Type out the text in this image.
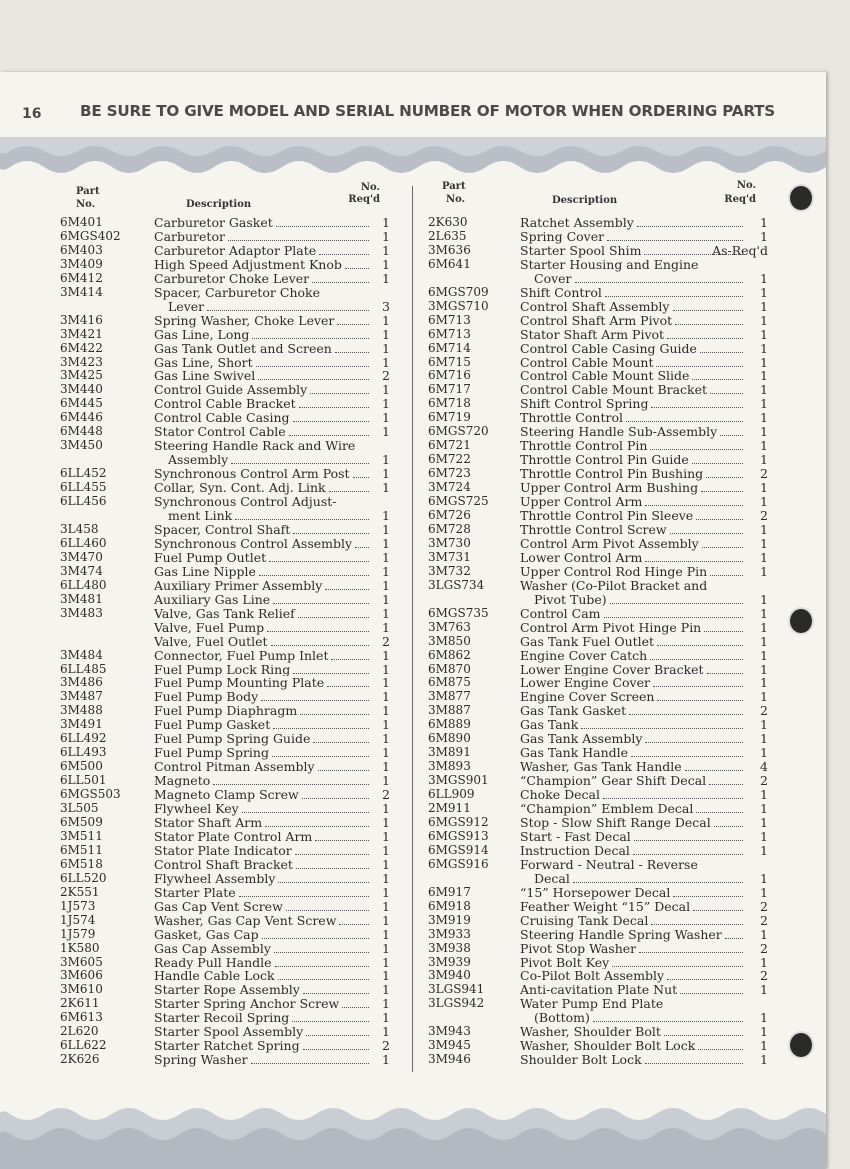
16	BE SURE TO GIVE MODEL AND SERIAL NUMBER OF MOTOR WHEN ORDERING PARTS
Part
No.	Description
No.
Req'd
6M401	Carburetor Gasket	1
6MGS402	Carburetor	1
6M403	Carburetor Adaptor Plate	1
3M409	High Speed Adjustment Knob	1
6M412	Carburetor Choke Lever	1
3M414	Spacer, Carburetor Choke
Lever	3
3M416	Spring Washer, Choke Lever	1
3M421	Gas Line, Long	1
6M422	Gas Tank Outlet and Screen	1
3M423	Gas Line, Short	1
3M425	Gas Line Swivel	2
3M440	Control Guide Assembly	1
6M445	Control Cable Bracket	1
6M446	Control Cable Casing	1
6M448	Stator Control Cable	1
3M450	Steering Handle Rack and Wire
Assembly	1
6LL452	Synchronous Control Arm Post	1
6LL455	Collar, Syn. Cont. Adj. Link	1
6LL456	Synchronous Control Adjust-
ment Link	1
3L458	Spacer, Control Shaft	1
6LL460	Synchronous Control Assembly	1
3M470	Fuel Pump Outlet	1
3M474	Gas Line Nipple	1
6LL480	Auxiliary Primer Assembly	1
3M481	Auxiliary Gas Line	1
3M483	Valve, Gas Tank Relief	1
Valve, Fuel Pump	1
Valve, Fuel Outlet	2
3M484	Connector, Fuel Pump Inlet	1
6LL485	Fuel Pump Lock Ring	1
3M486	Fuel Pump Mounting Plate	1
3M487	Fuel Pump Body	1
3M488	Fuel Pump Diaphragm	1
3M491	Fuel Pump Gasket	1
6LL492	Fuel Pump Spring Guide	1
6LL493	Fuel Pump Spring	1
6M500	Control Pitman Assembly	1
6LL501	Magneto	1
6MGS503	Magneto Clamp Screw	2
3L505	Flywheel Key	1
6M509	Stator Shaft Arm	1
3M511	Stator Plate Control Arm	1
6M511	Stator Plate Indicator	1
6M518	Control Shaft Bracket	1
6LL520	Flywheel Assembly	1
2K551	Starter Plate	1
1J573	Gas Cap Vent Screw	1
1J574	Washer, Gas Cap Vent Screw	1
1J579	Gasket, Gas Cap	1
1K580	Gas Cap Assembly	1
3M605	Ready Pull Handle	1
3M606	Handle Cable Lock	1
3M610	Starter Rope Assembly	1
2K611	Starter Spring Anchor Screw	1
6M613	Starter Recoil Spring	1
2L620	Starter Spool Assembly	1
6LL622	Starter Ratchet Spring	2
2K626	Spring Washer	1
Part
No.	Description
No.
Req'd
2K630	Ratchet Assembly	1
2L635	Spring Cover	1
3M636	Starter Spool Shim	As-Req'd
6M641	Starter Housing and Engine
Cover	1
6MGS709	Shift Control	1
3MGS710	Control Shaft Assembly	1
6M713	Control Shaft Arm Pivot	1
6M713	Stator Shaft Arm Pivot	1
6M714	Control Cable Casing Guide	1
6M715	Control Cable Mount	1
6M716	Control Cable Mount Slide	1
6M717	Control Cable Mount Bracket	1
6M718	Shift Control Spring	1
6M719	Throttle Control	1
6MGS720	Steering Handle Sub-Assembly	1
6M721	Throttle Control Pin	1
6M722	Throttle Control Pin Guide	1
6M723	Throttle Control Pin Bushing	2
3M724	Upper Control Arm Bushing	1
6MGS725	Upper Control Arm	1
6M726	Throttle Control Pin Sleeve	2
6M728	Throttle Control Screw	1
3M730	Control Arm Pivot Assembly	1
3M731	Lower Control Arm	1
3M732	Upper Control Rod Hinge Pin	1
3LGS734	Washer (Co-Pilot Bracket and
Pivot Tube)	1
6MGS735	Control Cam	1
3M763	Control Arm Pivot Hinge Pin	1
3M850	Gas Tank Fuel Outlet	1
6M862	Engine Cover Catch	1
6M870	Lower Engine Cover Bracket	1
6M875	Lower Engine Cover	1
3M877	Engine Cover Screen	1
3M887	Gas Tank Gasket	2
6M889	Gas Tank	1
6M890	Gas Tank Assembly	1
3M891	Gas Tank Handle	1
3M893	Washer, Gas Tank Handle	4
3MGS901	“Champion” Gear Shift Decal	2
6LL909	Choke Decal	1
2M911	“Champion” Emblem Decal	1
6MGS912	Stop - Slow Shift Range Decal	1
6MGS913	Start - Fast Decal	1
6MGS914	Instruction Decal	1
6MGS916	Forward - Neutral - Reverse
Decal	1
6M917	“15” Horsepower Decal	1
6M918	Feather Weight “15” Decal	2
3M919	Cruising Tank Decal	2
3M933	Steering Handle Spring Washer	1
3M938	Pivot Stop Washer	2
3M939	Pivot Bolt Key	1
3M940	Co-Pilot Bolt Assembly	2
3LGS941	Anti-cavitation Plate Nut	1
3LGS942	Water Pump End Plate
(Bottom)	1
3M943	Washer, Shoulder Bolt	1
3M945	Washer, Shoulder Bolt Lock	1
3M946	Shoulder Bolt Lock	1
